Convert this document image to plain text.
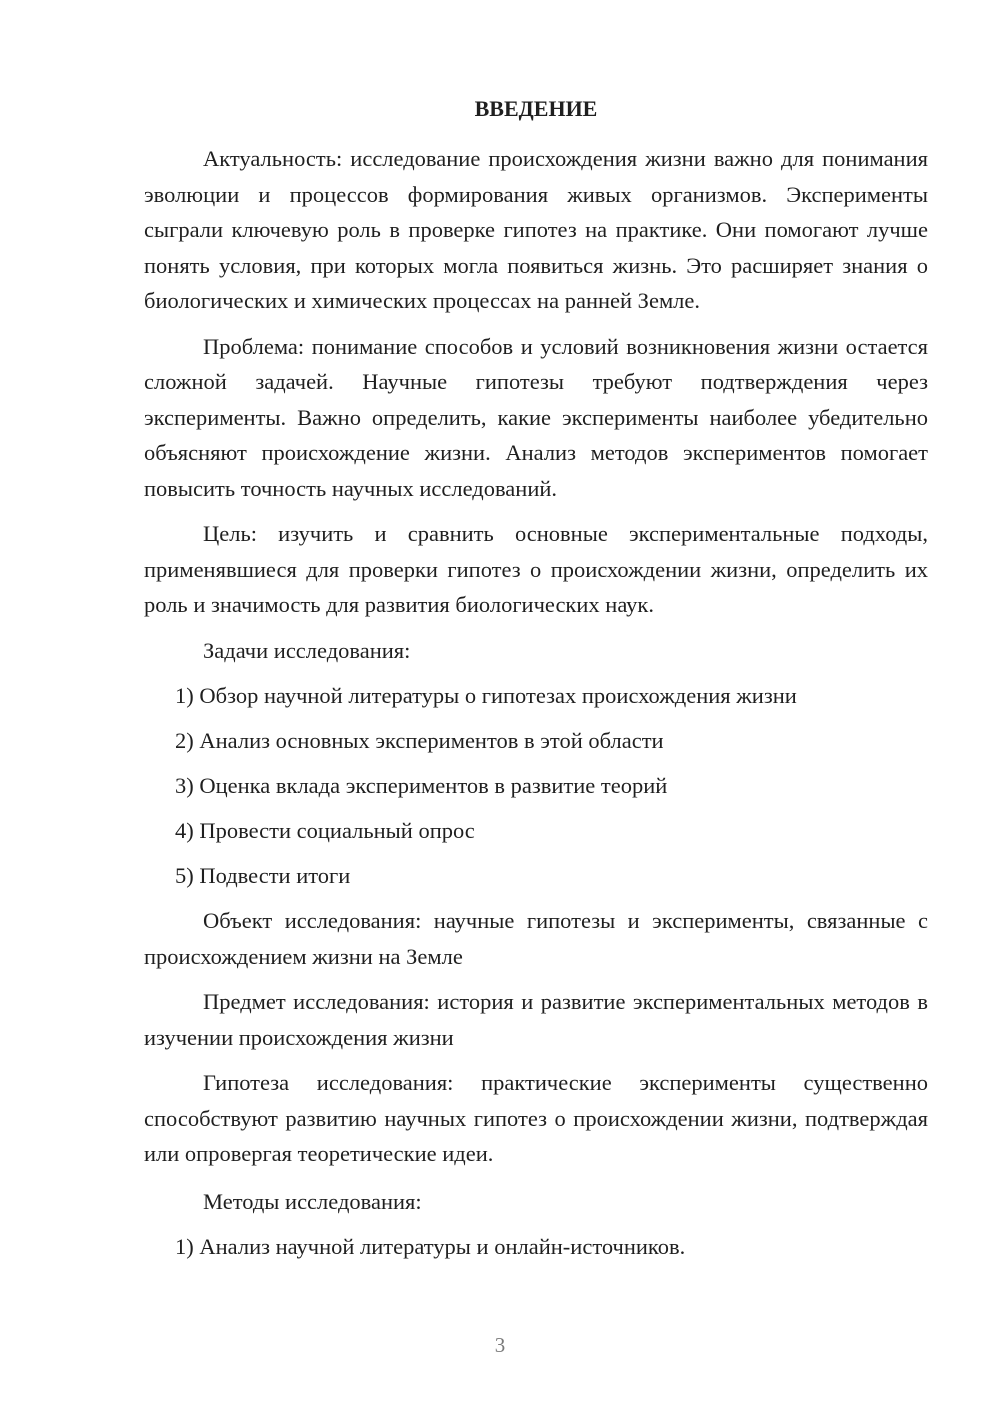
ВВЕДЕНИЕ

Актуальность: исследование происхождения жизни важно для понимания эволюции и процессов формирования живых организмов. Эксперименты сыграли ключевую роль в проверке гипотез на практике. Они помогают лучше понять условия, при которых могла появиться жизнь. Это расширяет знания о биологических и химических процессах на ранней Земле.

Проблема: понимание способов и условий возникновения жизни остается сложной задачей. Научные гипотезы требуют подтверждения через эксперименты. Важно определить, какие эксперименты наиболее убедительно объясняют происхождение жизни. Анализ методов экспериментов помогает повысить точность научных исследований.

Цель: изучить и сравнить основные экспериментальные подходы, применявшиеся для проверки гипотез о происхождении жизни, определить их роль и значимость для развития биологических наук.

Задачи исследования:

1) Обзор научной литературы о гипотезах происхождения жизни
2) Анализ основных экспериментов в этой области
3) Оценка вклада экспериментов в развитие теорий
4) Провести социальный опрос
5) Подвести итоги

Объект исследования: научные гипотезы и эксперименты, связанные с происхождением жизни на Земле

Предмет исследования: история и развитие экспериментальных методов в изучении происхождения жизни

Гипотеза исследования: практические эксперименты существенно способствуют развитию научных гипотез о происхождении жизни, подтверждая или опровергая теоретические идеи.

Методы исследования:

1) Анализ научной литературы и онлайн-источников.
3
